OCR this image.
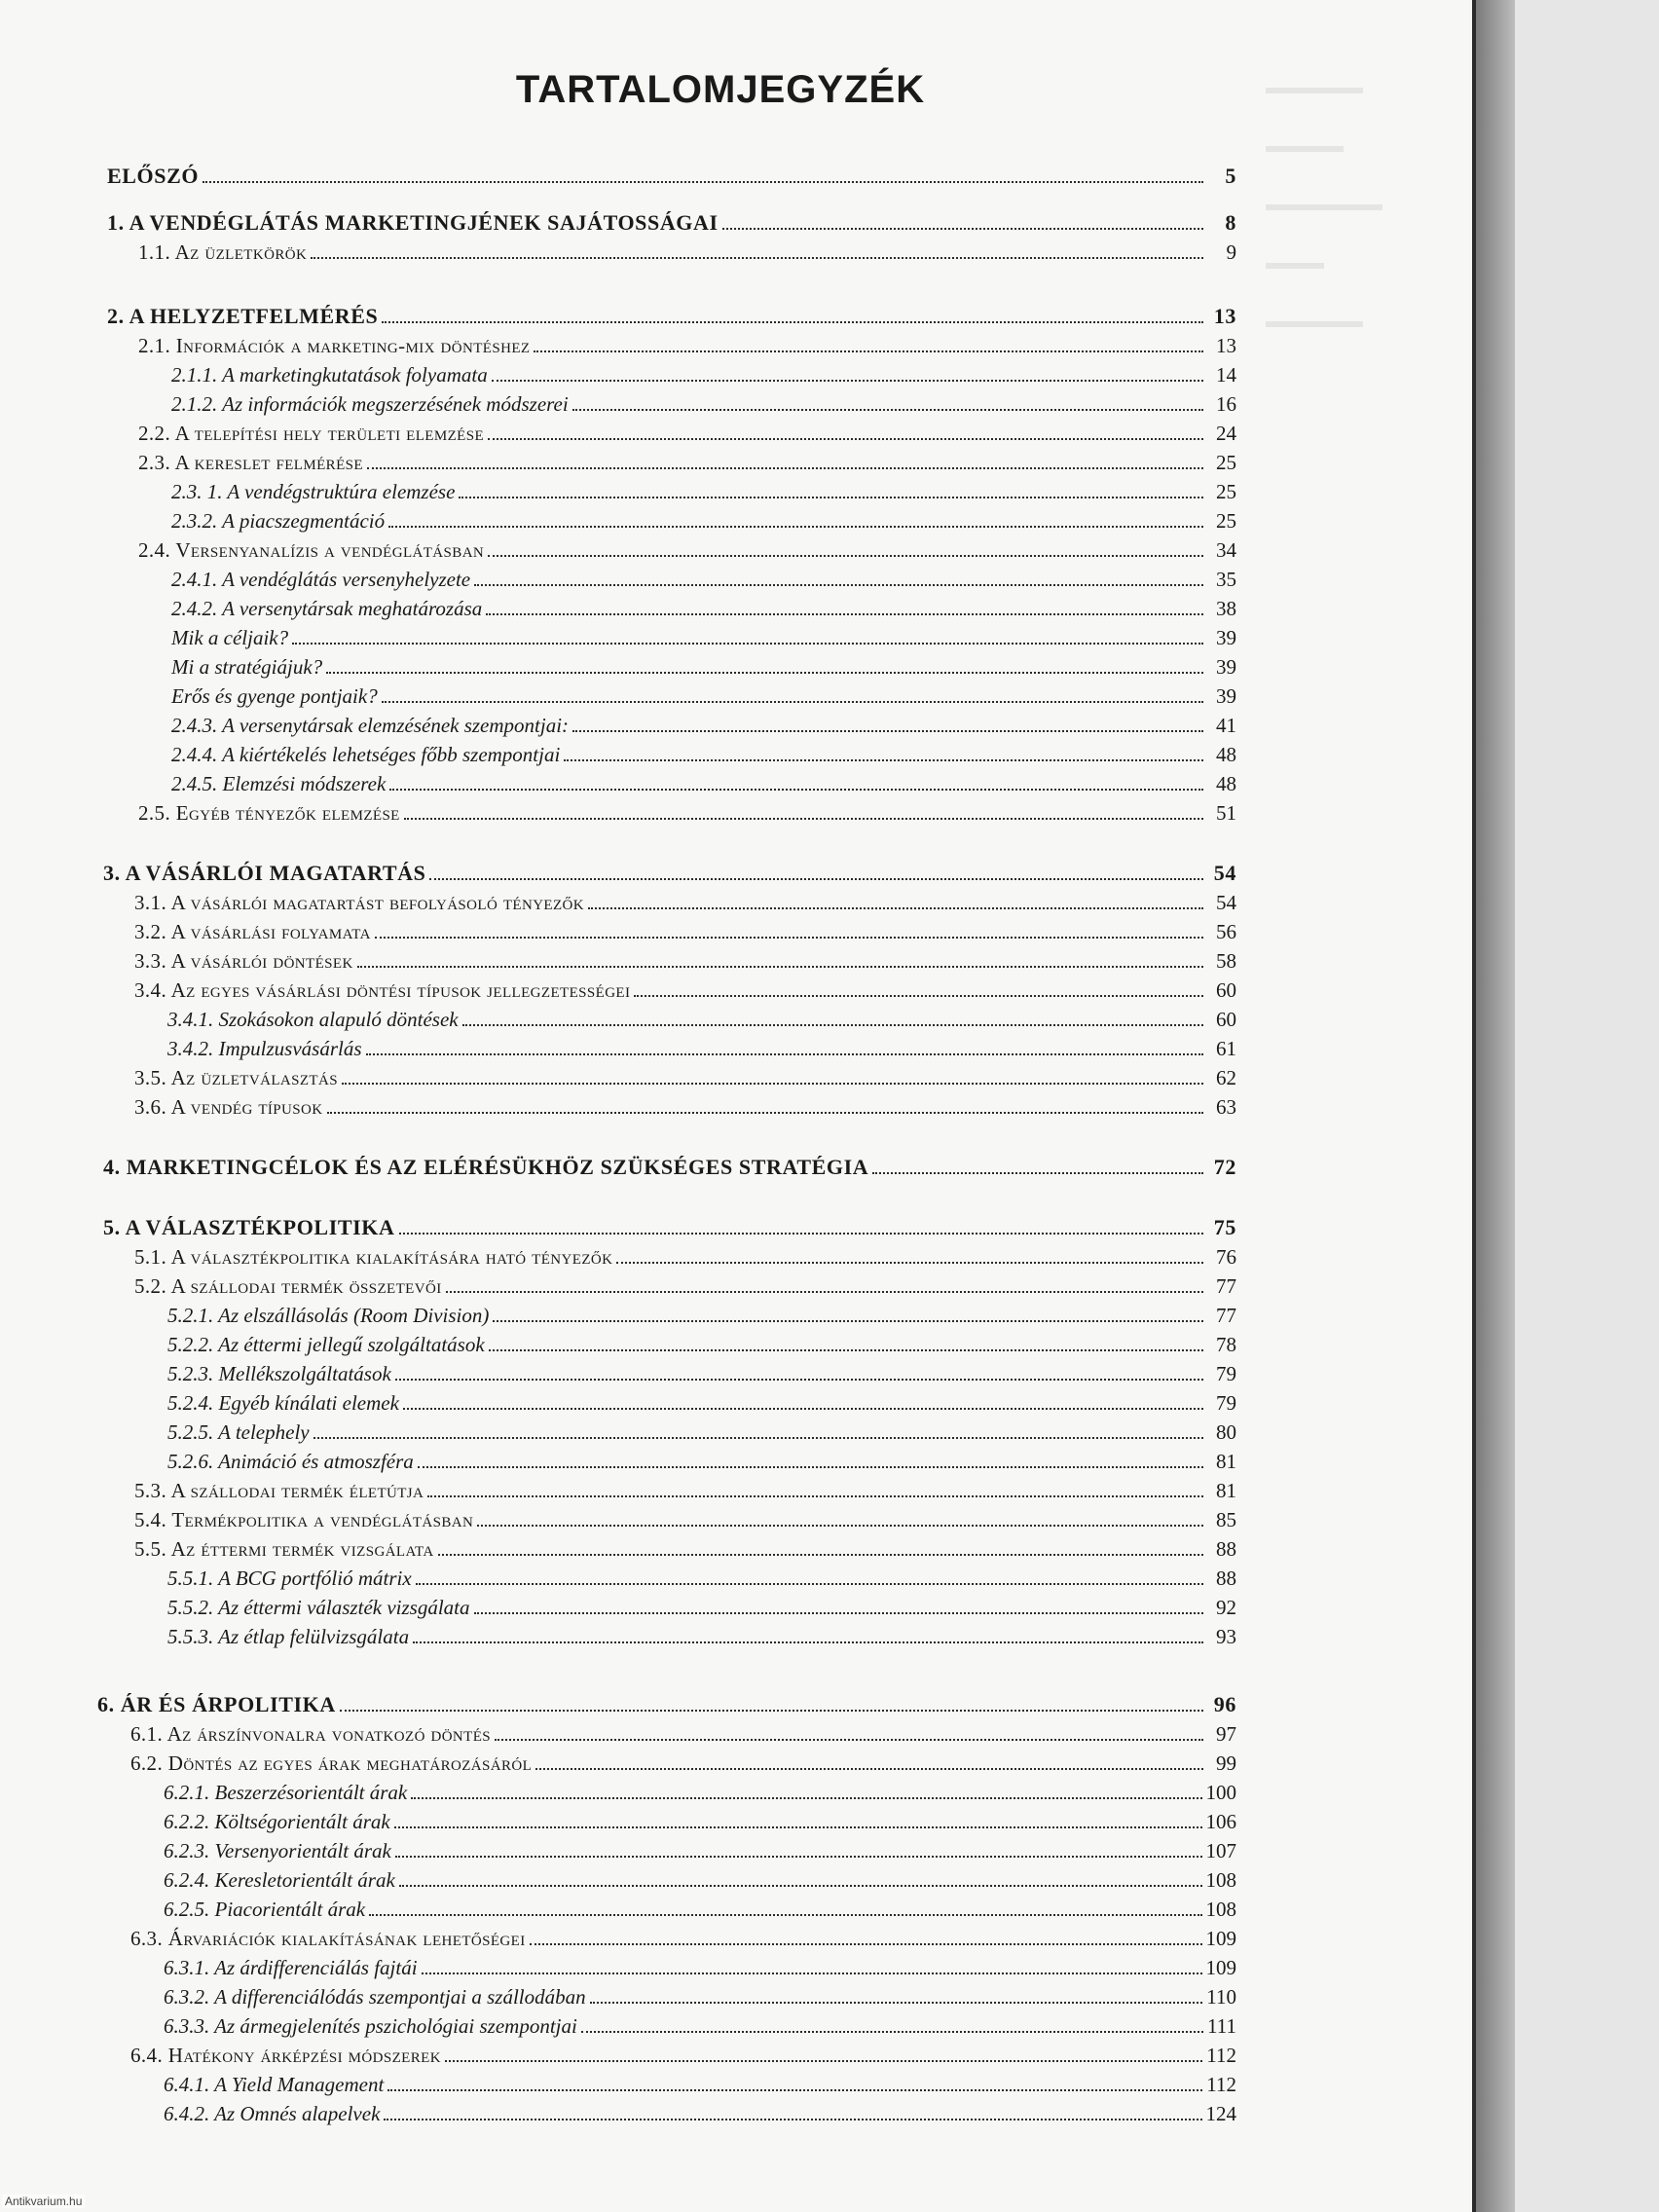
▬▬▬▬▬
▬▬▬▬
▬▬▬▬▬▬
▬▬▬
▬▬▬▬▬
TARTALOMJEGYZÉK
ELŐSZÓ	5
1. A VENDÉGLÁTÁS MARKETINGJÉNEK SAJÁTOSSÁGAI	8
1.1. Az üzletkörök	9
2. A HELYZETFELMÉRÉS	13
2.1. Információk a marketing-mix döntéshez	13
2.1.1. A marketingkutatások folyamata	14
2.1.2. Az információk megszerzésének módszerei	16
2.2. A telepítési hely területi elemzése	24
2.3. A kereslet felmérése	25
2.3. 1. A vendégstruktúra elemzése	25
2.3.2. A piacszegmentáció	25
2.4. Versenyanalízis a vendéglátásban	34
2.4.1. A vendéglátás versenyhelyzete	35
2.4.2. A versenytársak meghatározása	38
Mik a céljaik?	39
Mi a stratégiájuk?	39
Erős és gyenge pontjaik?	39
2.4.3. A versenytársak elemzésének szempontjai:	41
2.4.4. A kiértékelés lehetséges főbb szempontjai	48
2.4.5. Elemzési módszerek	48
2.5. Egyéb tényezők elemzése	51
3. A VÁSÁRLÓI MAGATARTÁS	54
3.1. A vásárlói magatartást befolyásoló tényezők	54
3.2. A vásárlási folyamata	56
3.3. A vásárlói döntések	58
3.4. Az egyes vásárlási döntési típusok jellegzetességei	60
3.4.1. Szokásokon alapuló döntések	60
3.4.2. Impulzusvásárlás	61
3.5. Az üzletválasztás	62
3.6. A vendég típusok	63
4. MARKETINGCÉLOK ÉS AZ ELÉRÉSÜKHÖZ SZÜKSÉGES STRATÉGIA	72
5. A VÁLASZTÉKPOLITIKA	75
5.1. A választékpolitika kialakítására ható tényezők	76
5.2. A szállodai termék összetevői	77
5.2.1. Az elszállásolás (Room Division)	77
5.2.2. Az éttermi jellegű szolgáltatások	78
5.2.3. Mellékszolgáltatások	79
5.2.4. Egyéb kínálati elemek	79
5.2.5. A telephely	80
5.2.6. Animáció és atmoszféra	81
5.3. A szállodai termék életútja	81
5.4. Termékpolitika a vendéglátásban	85
5.5. Az éttermi termék vizsgálata	88
5.5.1. A BCG portfólió mátrix	88
5.5.2. Az éttermi választék vizsgálata	92
5.5.3. Az étlap felülvizsgálata	93
6. ÁR ÉS ÁRPOLITIKA	96
6.1. Az árszínvonalra vonatkozó döntés	97
6.2. Döntés az egyes árak meghatározásáról	99
6.2.1. Beszerzésorientált árak	100
6.2.2. Költségorientált árak	106
6.2.3. Versenyorientált árak	107
6.2.4. Keresletorientált árak	108
6.2.5. Piacorientált árak	108
6.3. Árvariációk kialakításának lehetőségei	109
6.3.1. Az árdifferenciálás fajtái	109
6.3.2. A differenciálódás szempontjai a szállodában	110
6.3.3. Az ármegjelenítés pszichológiai szempontjai	111
6.4. Hatékony árképzési módszerek	112
6.4.1. A Yield Management	112
6.4.2. Az Omnés alapelvek	124
Antikvarium.hu
